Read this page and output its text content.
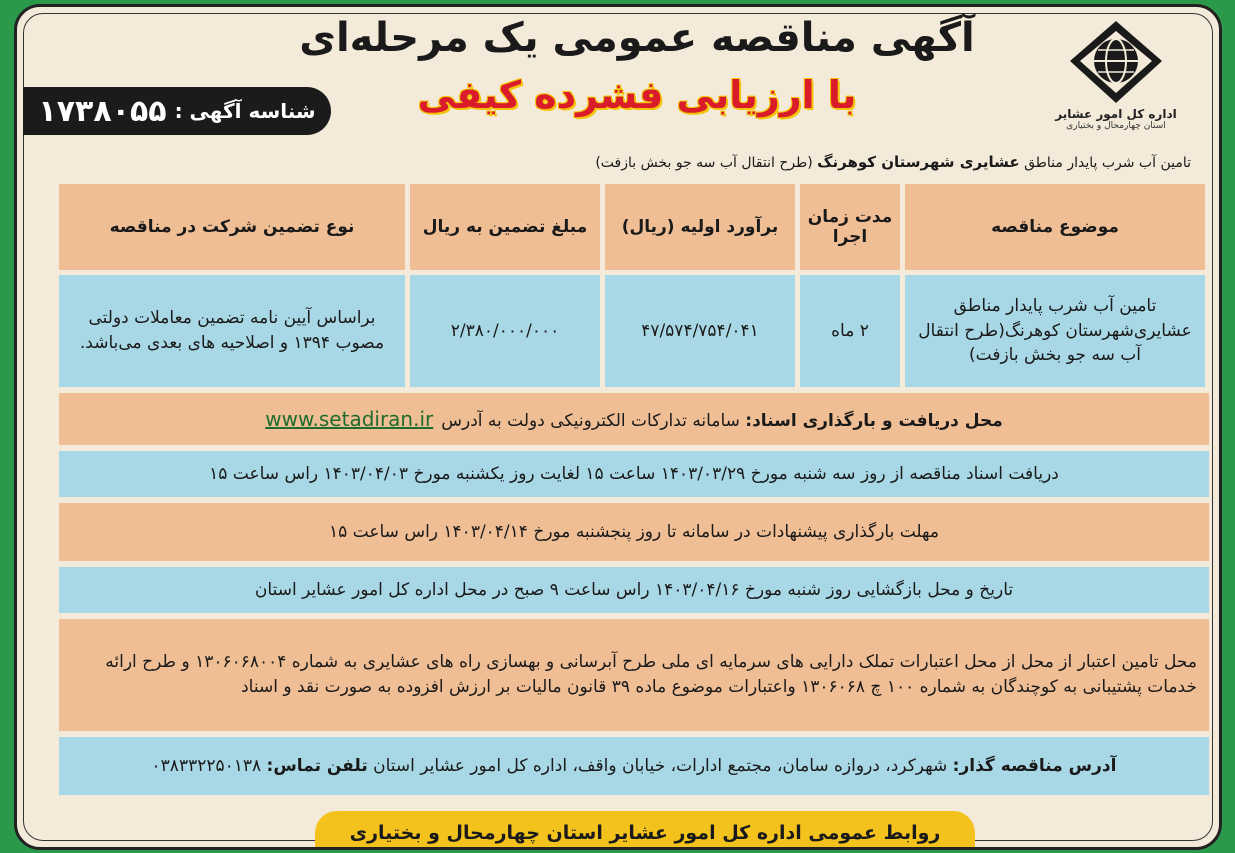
اداره کل امور عشایر
استان چهارمحال و بختیاری
آگهی مناقصه عمومی یک مرحله‌ای
با ارزیابی فشرده کیفی
شناسه آگهی :
۱۷۳۸۰۵۵
تامین آب شرب پایدار مناطق عشایری شهرستان کوهرنگ (طرح انتقال آب سه جو بخش بازفت)
موضوع مناقصه	مدت زمان اجرا	برآورد اولیه (ریال)	مبلغ تضمین به ریال	نوع تضمین شرکت در مناقصه
تامین آب شرب پایدار مناطق عشایری‌شهرستان کوهرنگ(طرح انتقال آب سه جو بخش بازفت)	۲ ماه	۴۷/۵۷۴/۷۵۴/۰۴۱	۲/۳۸۰/۰۰۰/۰۰۰	براساس آیین نامه تضمین معاملات دولتی مصوب ۱۳۹۴ و اصلاحیه های بعدی می‌باشد.
محل دریافت و بارگذاری اسناد: سامانه تدارکات الکترونیکی دولت به آدرسwww.setadiran.ir
دریافت اسناد مناقصه از روز سه شنبه مورخ ۱۴۰۳/۰۳/۲۹ ساعت ۱۵ لغایت روز یکشنبه مورخ ۱۴۰۳/۰۴/۰۳ راس ساعت ۱۵
مهلت بارگذاری پیشنهادات در سامانه تا روز پنجشنبه مورخ ۱۴۰۳/۰۴/۱۴ راس ساعت ۱۵
تاریخ و محل بازگشایی روز شنبه مورخ ۱۴۰۳/۰۴/۱۶ راس ساعت ۹ صبح در محل اداره کل امور عشایر استان
محل تامین اعتبار از محل از محل اعتبارات تملک دارایی های سرمایه ای ملی طرح آبرسانی و بهسازی راه های عشایری به شماره ۱۳۰۶۰۶۸۰۰۴ و طرح ارائه خدمات پشتیبانی به کوچندگان به شماره ۱۰۰ چ ۱۳۰۶۰۶۸ واعتبارات موضوع ماده ۳۹ قانون مالیات بر ارزش افزوده به صورت نقد و اسناد
آدرس مناقصه گذار: شهرکرد، دروازه سامان، مجتمع ادارات، خیابان واقف، اداره کل امور عشایر استان تلفن تماس: ۰۳۸۳۳۲۲۵۰۱۳۸
روابط عمومی اداره کل امور عشایر استان چهارمحال و بختیاری
